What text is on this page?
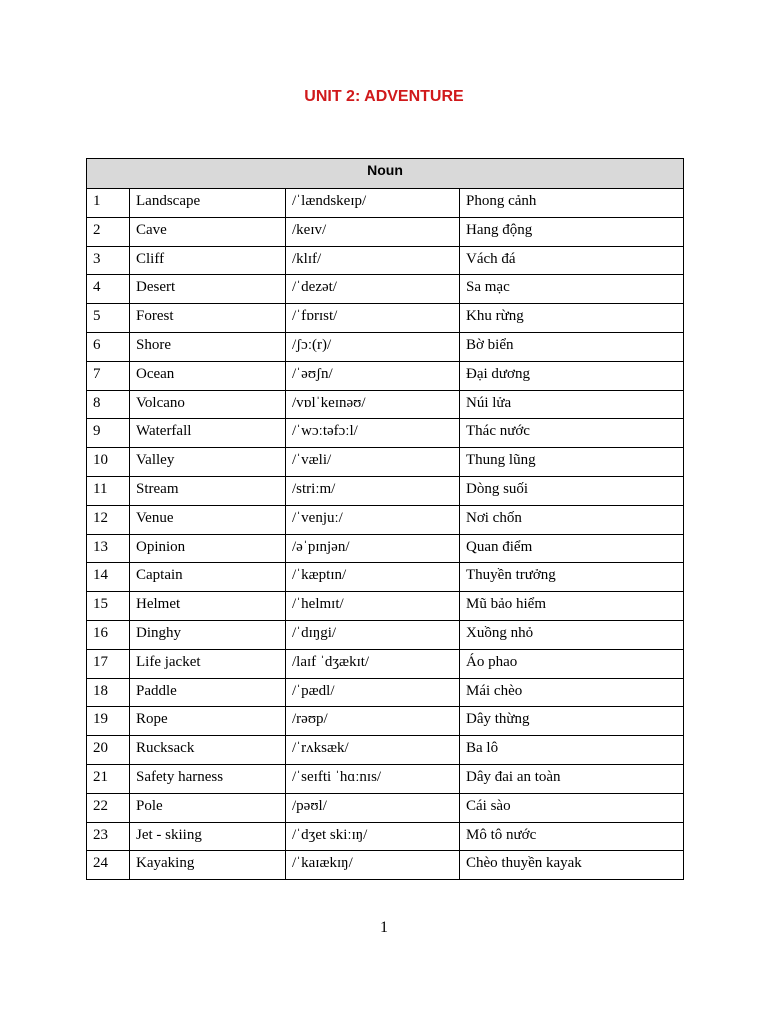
UNIT 2: ADVENTURE
Noun			
1	Landscape	/ˈlændskeɪp/	Phong cảnh
2	Cave	/keɪv/	Hang động
3	Cliff	/klɪf/	Vách đá
4	Desert	/ˈdezət/	Sa mạc
5	Forest	/ˈfɒrɪst/	Khu rừng
6	Shore	/ʃɔː(r)/	Bờ biển
7	Ocean	/ˈəʊʃn/	Đại dương
8	Volcano	/vɒlˈkeɪnəʊ/	Núi lửa
9	Waterfall	/ˈwɔːtəfɔːl/	Thác nước
10	Valley	/ˈvæli/	Thung lũng
11	Stream	/striːm/	Dòng suối
12	Venue	/ˈvenjuː/	Nơi chốn
13	Opinion	/əˈpɪnjən/	Quan điểm
14	Captain	/ˈkæptɪn/	Thuyền trưởng
15	Helmet	/ˈhelmɪt/	Mũ bảo hiểm
16	Dinghy	/ˈdɪŋgi/	Xuồng nhỏ
17	Life jacket	/laɪf ˈdʒækɪt/	Áo phao
18	Paddle	/ˈpædl/	Mái chèo
19	Rope	/rəʊp/	Dây thừng
20	Rucksack	/ˈrʌksæk/	Ba lô
21	Safety harness	/ˈseɪfti ˈhɑːnɪs/	Dây đai an toàn
22	Pole	/pəʊl/	Cái sào
23	Jet - skiing	/ˈdʒet skiːɪŋ/	Mô tô nước
24	Kayaking	/ˈkaɪækɪŋ/	Chèo thuyền kayak
1
